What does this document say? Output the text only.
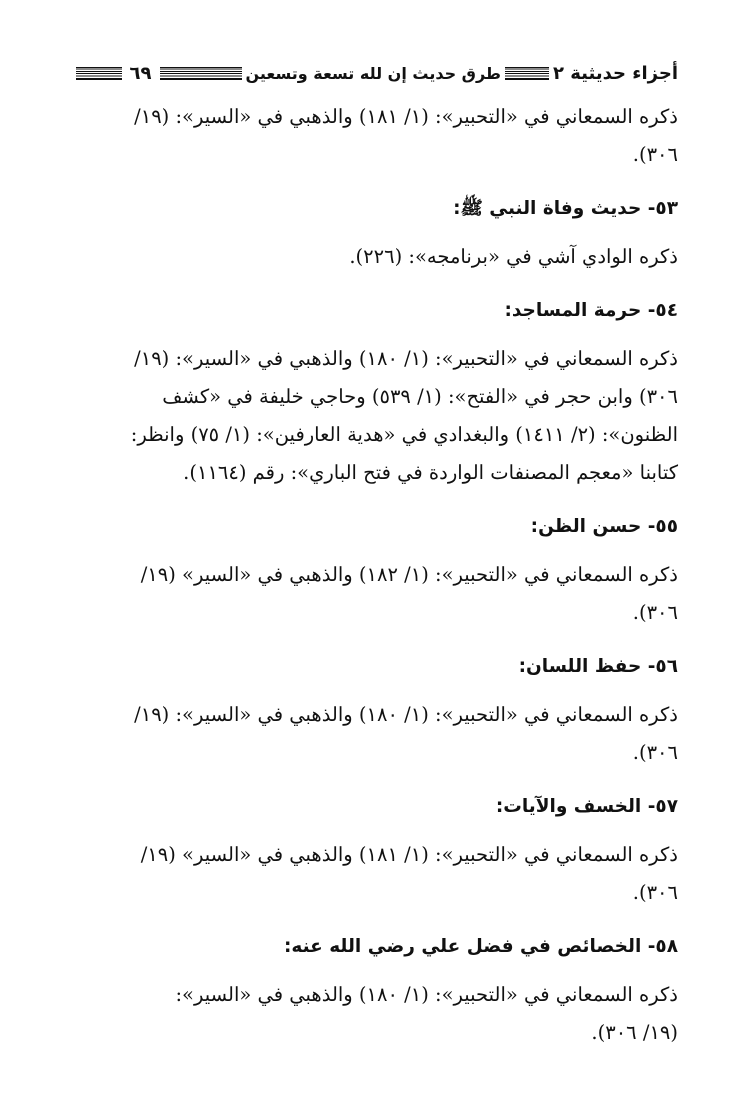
أجزاء حديثية ٢
طرق حديث إن لله تسعة وتسعين
٦٩
ذكره السمعاني في «التحبير»: (١/ ١٨١) والذهبي في «السير»: (١٩/
٣٠٦).
٥٣- حديث وفاة النبي ﷺ:
ذكره الوادي آشي في «برنامجه»: (٢٢٦).
٥٤- حرمة المساجد:
ذكره السمعاني في «التحبير»: (١/ ١٨٠) والذهبي في «السير»: (١٩/
٣٠٦) وابن حجر في «الفتح»: (١/ ٥٣٩) وحاجي خليفة في «كشف
الظنون»: (٢/ ١٤١١) والبغدادي في «هدية العارفين»: (١/ ٧٥) وانظر:
كتابنا «معجم المصنفات الواردة في فتح الباري»: رقم (١١٦٤).
٥٥- حسن الظن:
ذكره السمعاني في «التحبير»: (١/ ١٨٢) والذهبي في «السير» (١٩/
٣٠٦).
٥٦- حفظ اللسان:
ذكره السمعاني في «التحبير»: (١/ ١٨٠) والذهبي في «السير»: (١٩/
٣٠٦).
٥٧- الخسف والآيات:
ذكره السمعاني في «التحبير»: (١/ ١٨١) والذهبي في «السير» (١٩/
٣٠٦).
٥٨- الخصائص في فضل علي رضي الله عنه:
ذكره السمعاني في «التحبير»: (١/ ١٨٠) والذهبي في «السير»:
(١٩/ ٣٠٦).
